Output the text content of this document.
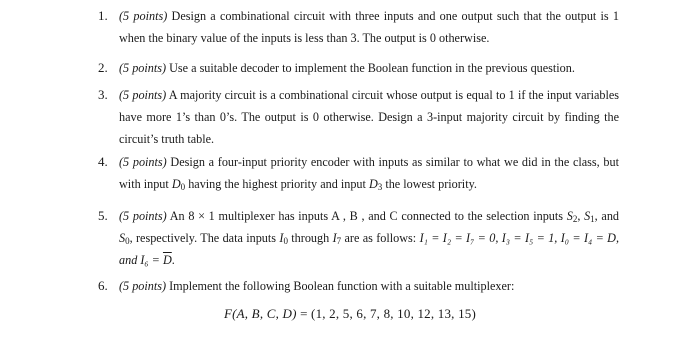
1. (5 points) Design a combinational circuit with three inputs and one output such that the output is 1 when the binary value of the inputs is less than 3. The output is 0 otherwise.
2. (5 points) Use a suitable decoder to implement the Boolean function in the previous question.
3. (5 points) A majority circuit is a combinational circuit whose output is equal to 1 if the input variables have more 1’s than 0’s. The output is 0 otherwise. Design a 3-input majority circuit by finding the circuit’s truth table.
4. (5 points) Design a four-input priority encoder with inputs as similar to what we did in the class, but with input $D_0$ having the highest priority and input $D_3$ the lowest priority.
5. (5 points) An 8 × 1 multiplexer has inputs A , B , and C connected to the selection inputs $S_2$, $S_1$, and $S_0$, respectively. The data inputs $I_0$ through $I_7$ are as follows: I₁ = I₂ = I₇ = 0, I₃ = I₅ = 1, I₀ = I₄ = D, and $I_6 = \overline{D}$.
6. (5 points) Implement the following Boolean function with a suitable multiplexer:
F(A, B, C, D) = (1, 2, 5, 6, 7, 8, 10, 12, 13, 15)
